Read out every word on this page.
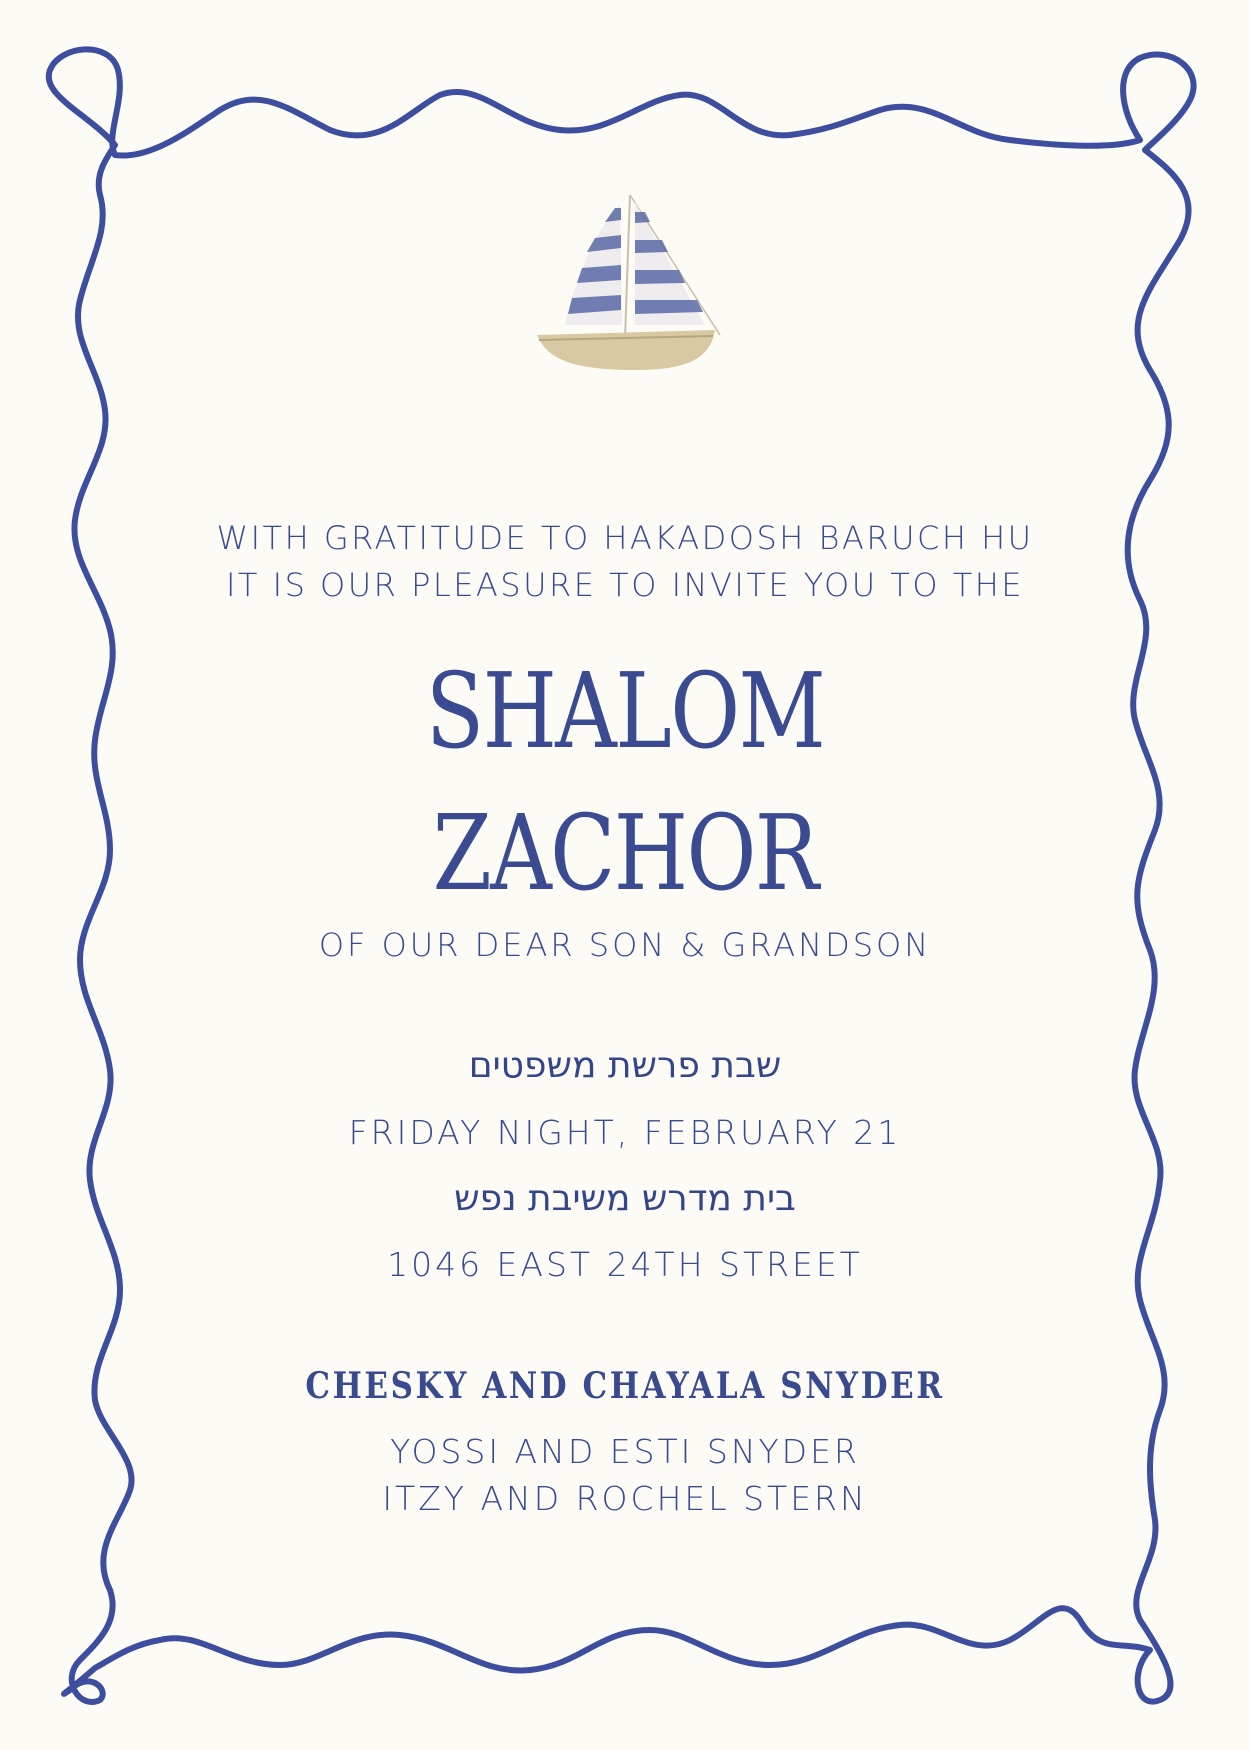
WITH GRATITUDE TO HAKADOSH BARUCH HU
IT IS OUR PLEASURE TO INVITE YOU TO THE
SHALOM
ZACHOR
OF OUR DEAR SON & GRANDSON
שבת פרשת משפטים
FRIDAY NIGHT, FEBRUARY 21
בית מדרש משיבת נפש
1046 EAST 24TH STREET
CHESKY AND CHAYALA SNYDER
YOSSI AND ESTI SNYDER
ITZY AND ROCHEL STERN
